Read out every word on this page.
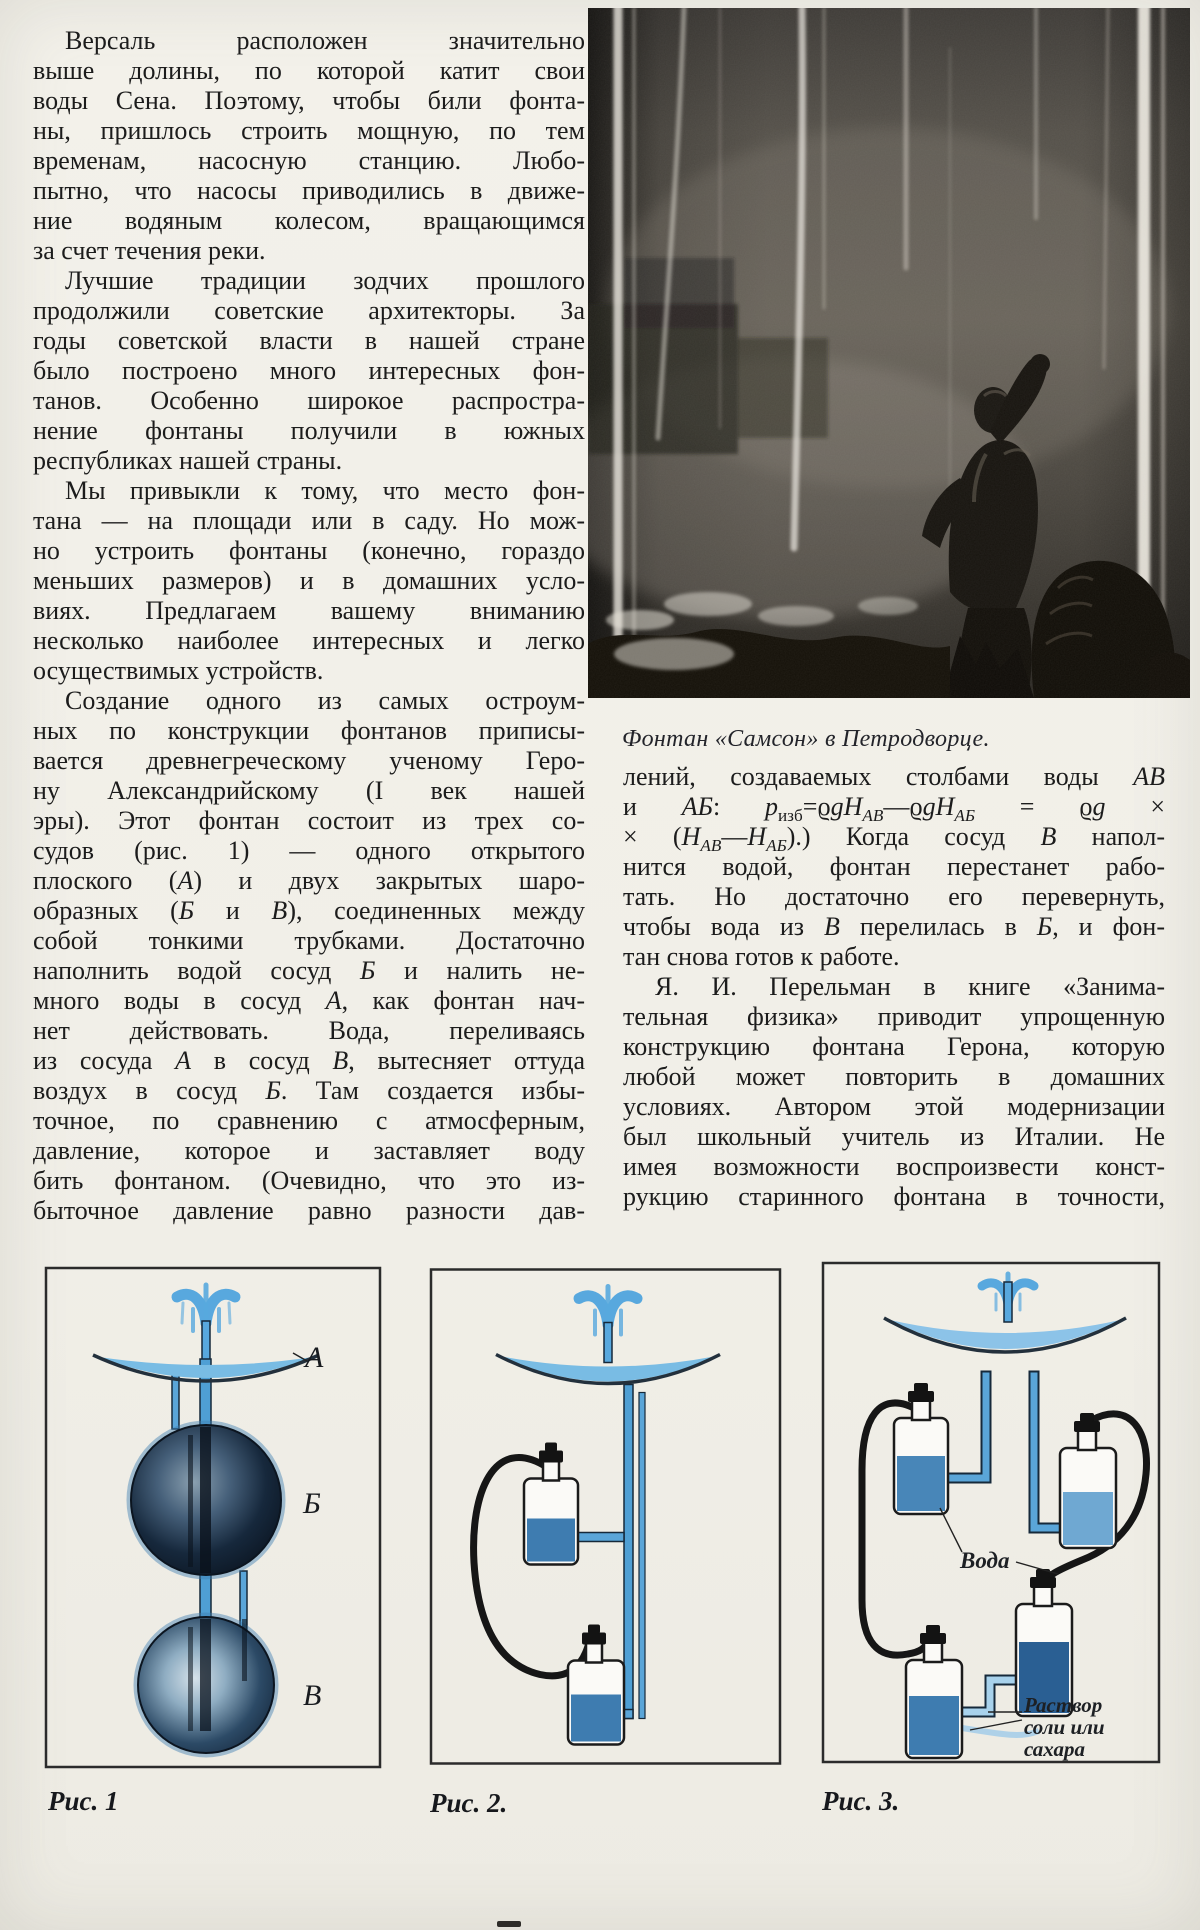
Версаль расположен значительно
выше долины, по которой катит свои
воды Сена. Поэтому, чтобы били фонта-
ны, пришлось строить мощную, по тем
временам, насосную станцию. Любо-
пытно, что насосы приводились в движе-
ние водяным колесом, вращающимся
за счет течения реки.
Лучшие традиции зодчих прошлого
продолжили советские архитекторы. За
годы советской власти в нашей стране
было построено много интересных фон-
танов. Особенно широкое распростра-
нение фонтаны получили в южных
республиках нашей страны.
Мы привыкли к тому, что место фон-
тана — на площади или в саду. Но мож-
но устроить фонтаны (конечно, гораздо
меньших размеров) и в домашних усло-
виях. Предлагаем вашему вниманию
несколько наиболее интересных и легко
осуществимых устройств.
Создание одного из самых остроум-
ных по конструкции фонтанов приписы-
вается древнегреческому ученому Геро-
ну Александрийскому (I век нашей
эры). Этот фонтан состоит из трех со-
судов (рис. 1) — одного открытого
плоского (А) и двух закрытых шаро-
образных (Б и В), соединенных между
собой тонкими трубками. Достаточно
наполнить водой сосуд Б и налить не-
много воды в сосуд А, как фонтан нач-
нет действовать. Вода, переливаясь
из сосуда А в сосуд В, вытесняет оттуда
воздух в сосуд Б. Там создается избы-
точное, по сравнению с атмосферным,
давление, которое и заставляет воду
бить фонтаном. (Очевидно, что это из-
быточное давление равно разности дав-
Фонтан «Самсон» в Петродворце.
лений, создаваемых столбами воды АВ
и АБ: $р_{изб}=ϱgН_{АВ}—ϱgН_{АБ} = ϱg$ ×
× $(Н_{АВ}—Н_{АБ})$.) Когда сосуд В напол-
нится водой, фонтан перестанет рабо-
тать. Но достаточно его перевернуть,
чтобы вода из В перелилась в Б, и фон-
тан снова готов к работе.
Я. И. Перельман в книге «Занима-
тельная физика» приводит упрощенную
конструкцию фонтана Герона, которую
любой может повторить в домашних
условиях. Автором этой модернизации
был школьный учитель из Италии. Не
имея возможности воспроизвести конст-
рукцию старинного фонтана в точности,
А
Б
В
Вода
Раствор
соли или
сахара
Рис. 1	Рис. 2.	Рис. 3.
